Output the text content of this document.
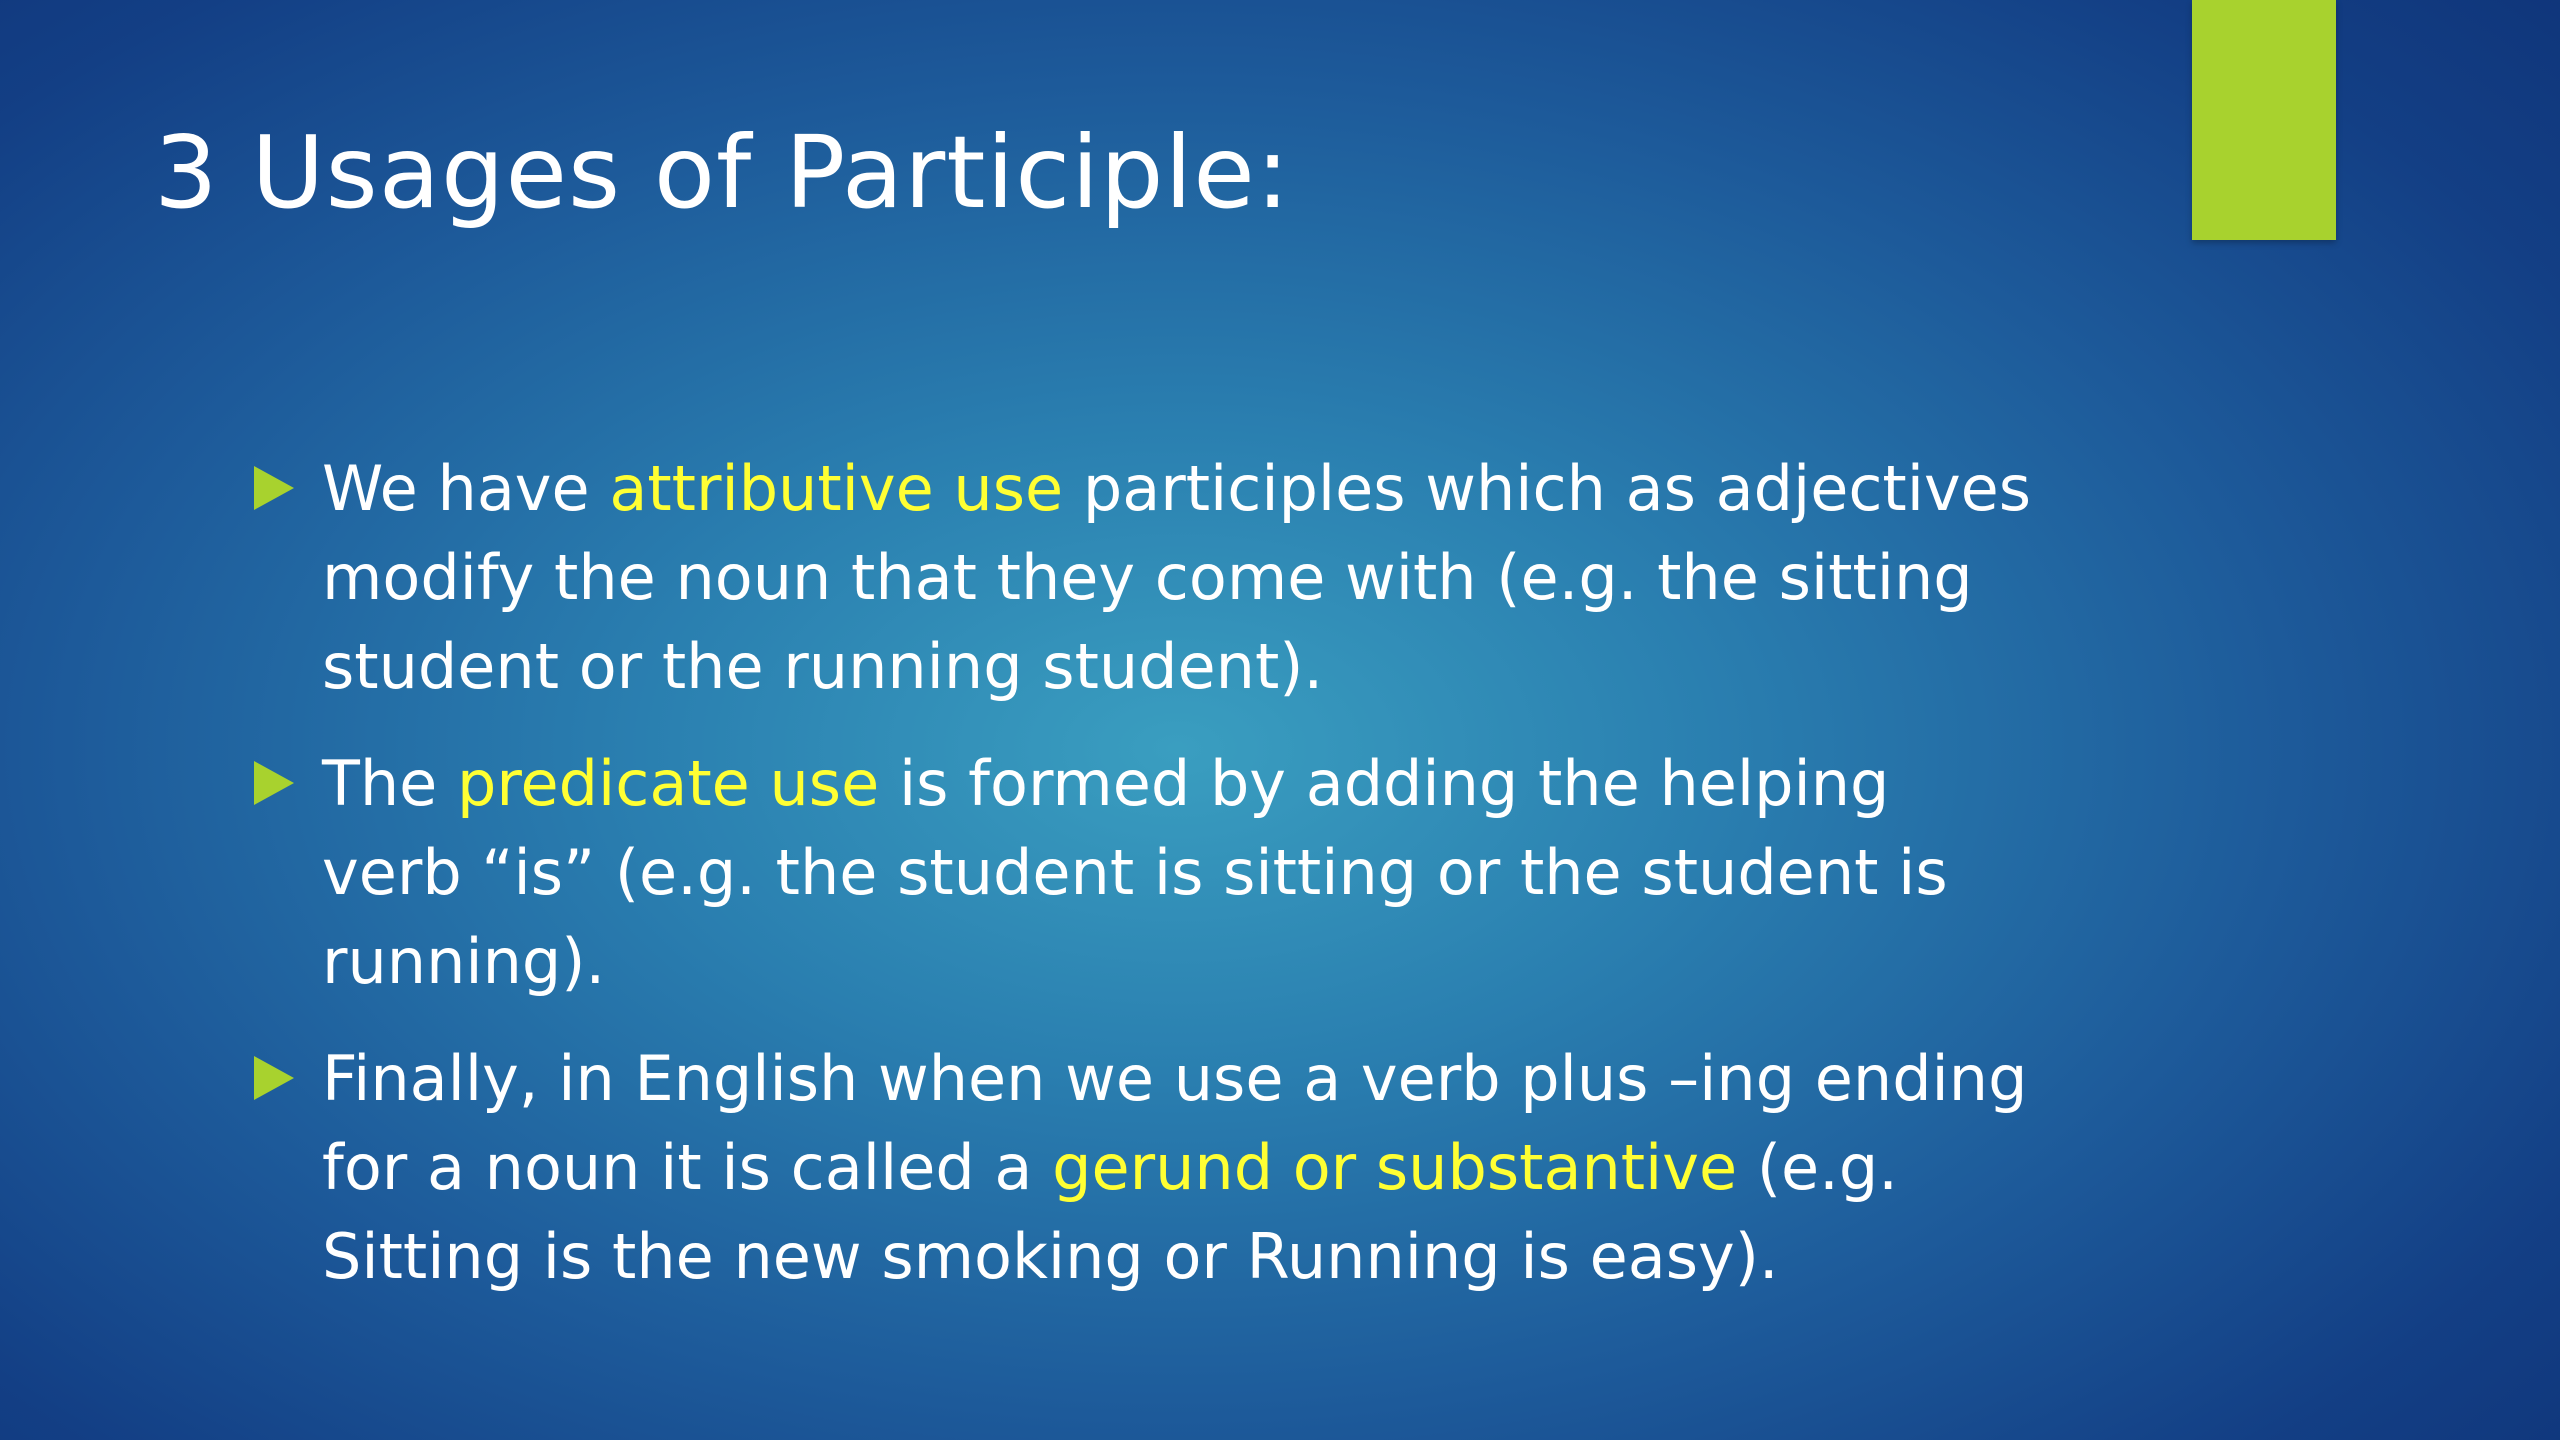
3 Usages of Participle:
We have attributive use participles which as adjectives
modify the noun that they come with (e.g. the sitting
student or the running student).
The predicate use is formed by adding the helping
verb “is” (e.g. the student is sitting or the student is
running).
Finally, in English when we use a verb plus –ing ending
for a noun it is called a gerund or substantive (e.g.
Sitting is the new smoking or Running is easy).
